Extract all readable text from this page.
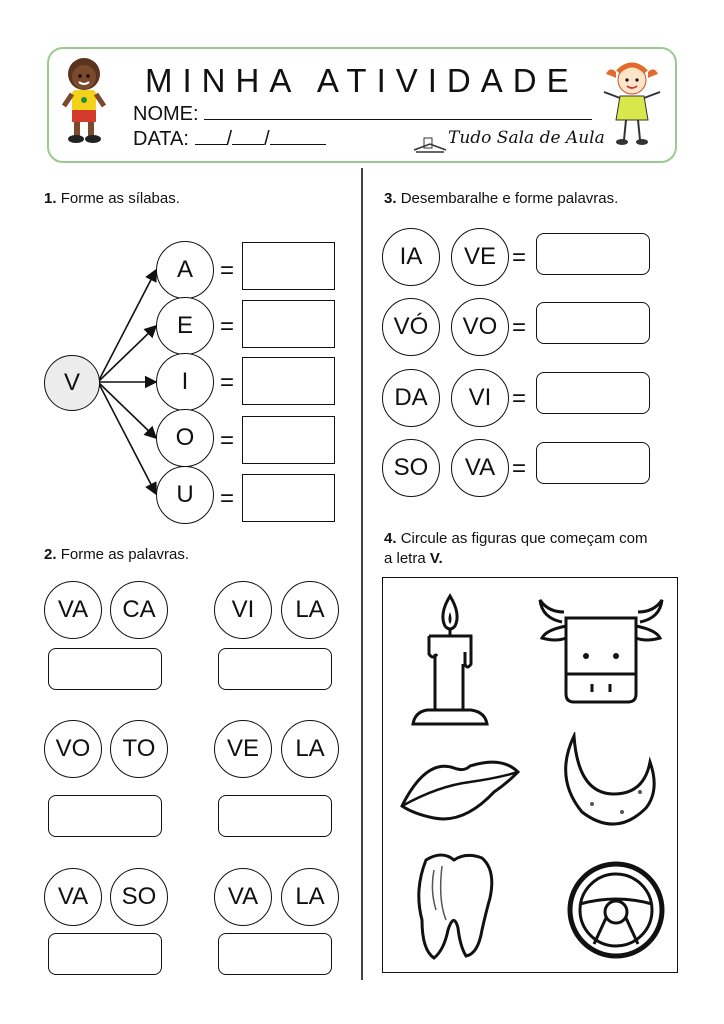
MINHA ATIVIDADE
NOME:
DATA: / /	Tudo Sala de Aula
1. Forme as sílabas.
V
A
E
I
O
U
=
=
=
=
=
2. Forme as palavras.
VA	CA	VI	LA
VO	TO	VE	LA
VA	SO	VA	LA
3. Desembaralhe e forme palavras.
IA	VE =
VÓ	VO =
DA	VI =
SO	VA =
4. Circule as figuras que começam com
a letra V.
